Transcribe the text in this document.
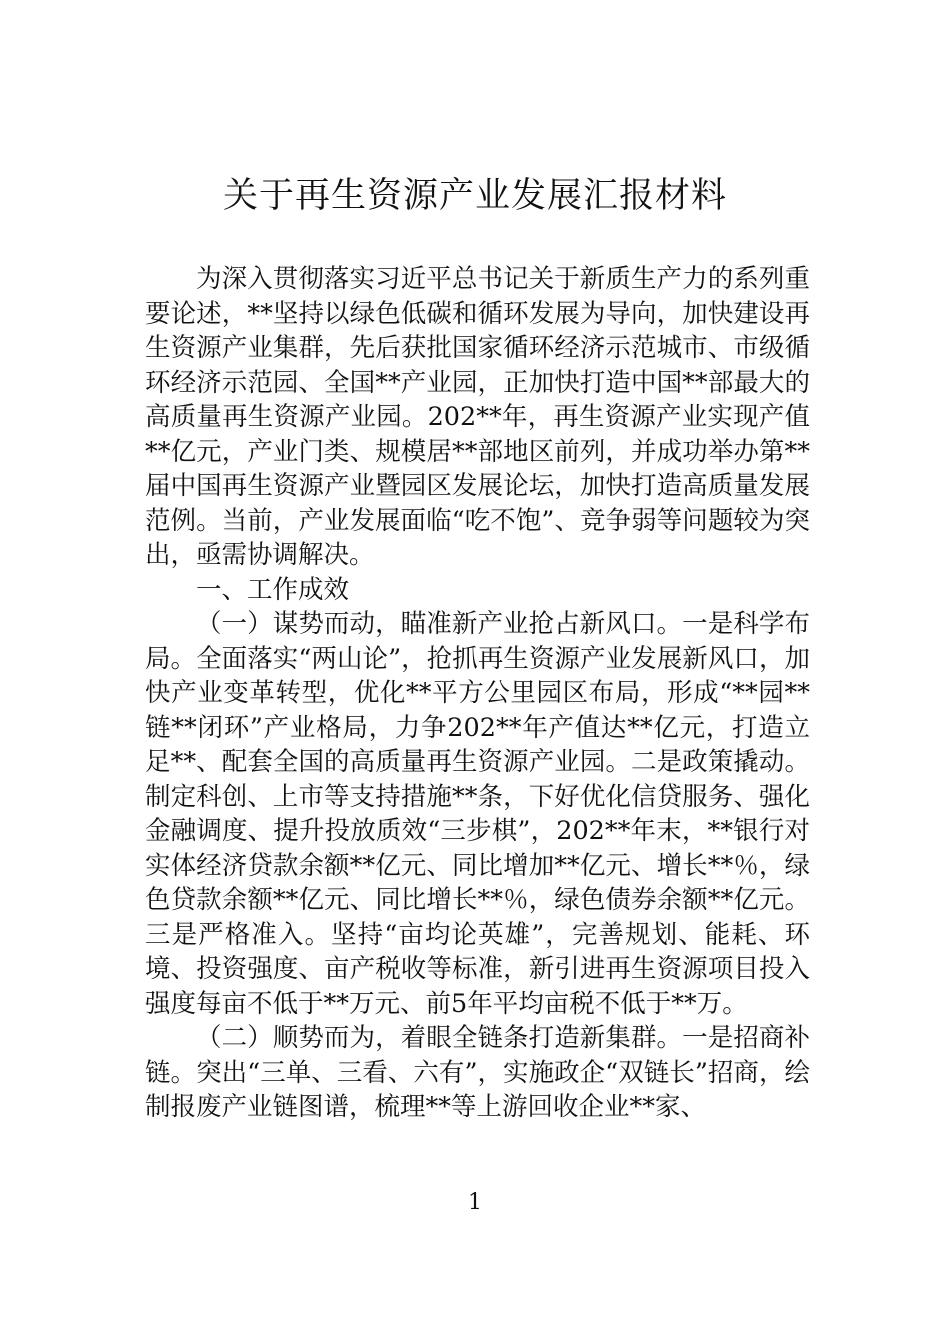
关于再生资源产业发展汇报材料

为深入贯彻落实习近平总书记关于新质生产力的系列重要论述，**坚持以绿色低碳和循环发展为导向，加快建设再生资源产业集群，先后获批国家循环经济示范城市、市级循环经济示范园、全国**产业园，正加快打造中国**部最大的高质量再生资源产业园。202**年，再生资源产业实现产值**亿元，产业门类、规模居**部地区前列，并成功举办第**届中国再生资源产业暨园区发展论坛，加快打造高质量发展范例。当前，产业发展面临“吃不饱”、竞争弱等问题较为突出，亟需协调解决。

一、工作成效

（一）谋势而动，瞄准新产业抢占新风口。一是科学布局。全面落实“两山论”，抢抓再生资源产业发展新风口，加快产业变革转型，优化**平方公里园区布局，形成“**园**链**闭环”产业格局，力争202**年产值达**亿元，打造立足**、配套全国的高质量再生资源产业园。二是政策撬动。制定科创、上市等支持措施**条，下好优化信贷服务、强化金融调度、提升投放质效“三步棋”，202**年末，**银行对实体经济贷款余额**亿元、同比增加**亿元、增长**％，绿色贷款余额**亿元、同比增长**％，绿色债券余额**亿元。三是严格准入。坚持“亩均论英雄”，完善规划、能耗、环境、投资强度、亩产税收等标准，新引进再生资源项目投入强度每亩不低于**万元、前5年平均亩税不低于**万。

（二）顺势而为，着眼全链条打造新集群。一是招商补链。突出“三单、三看、六有”，实施政企“双链长”招商，绘制报废产业链图谱，梳理**等上游回收企业**家、

1
